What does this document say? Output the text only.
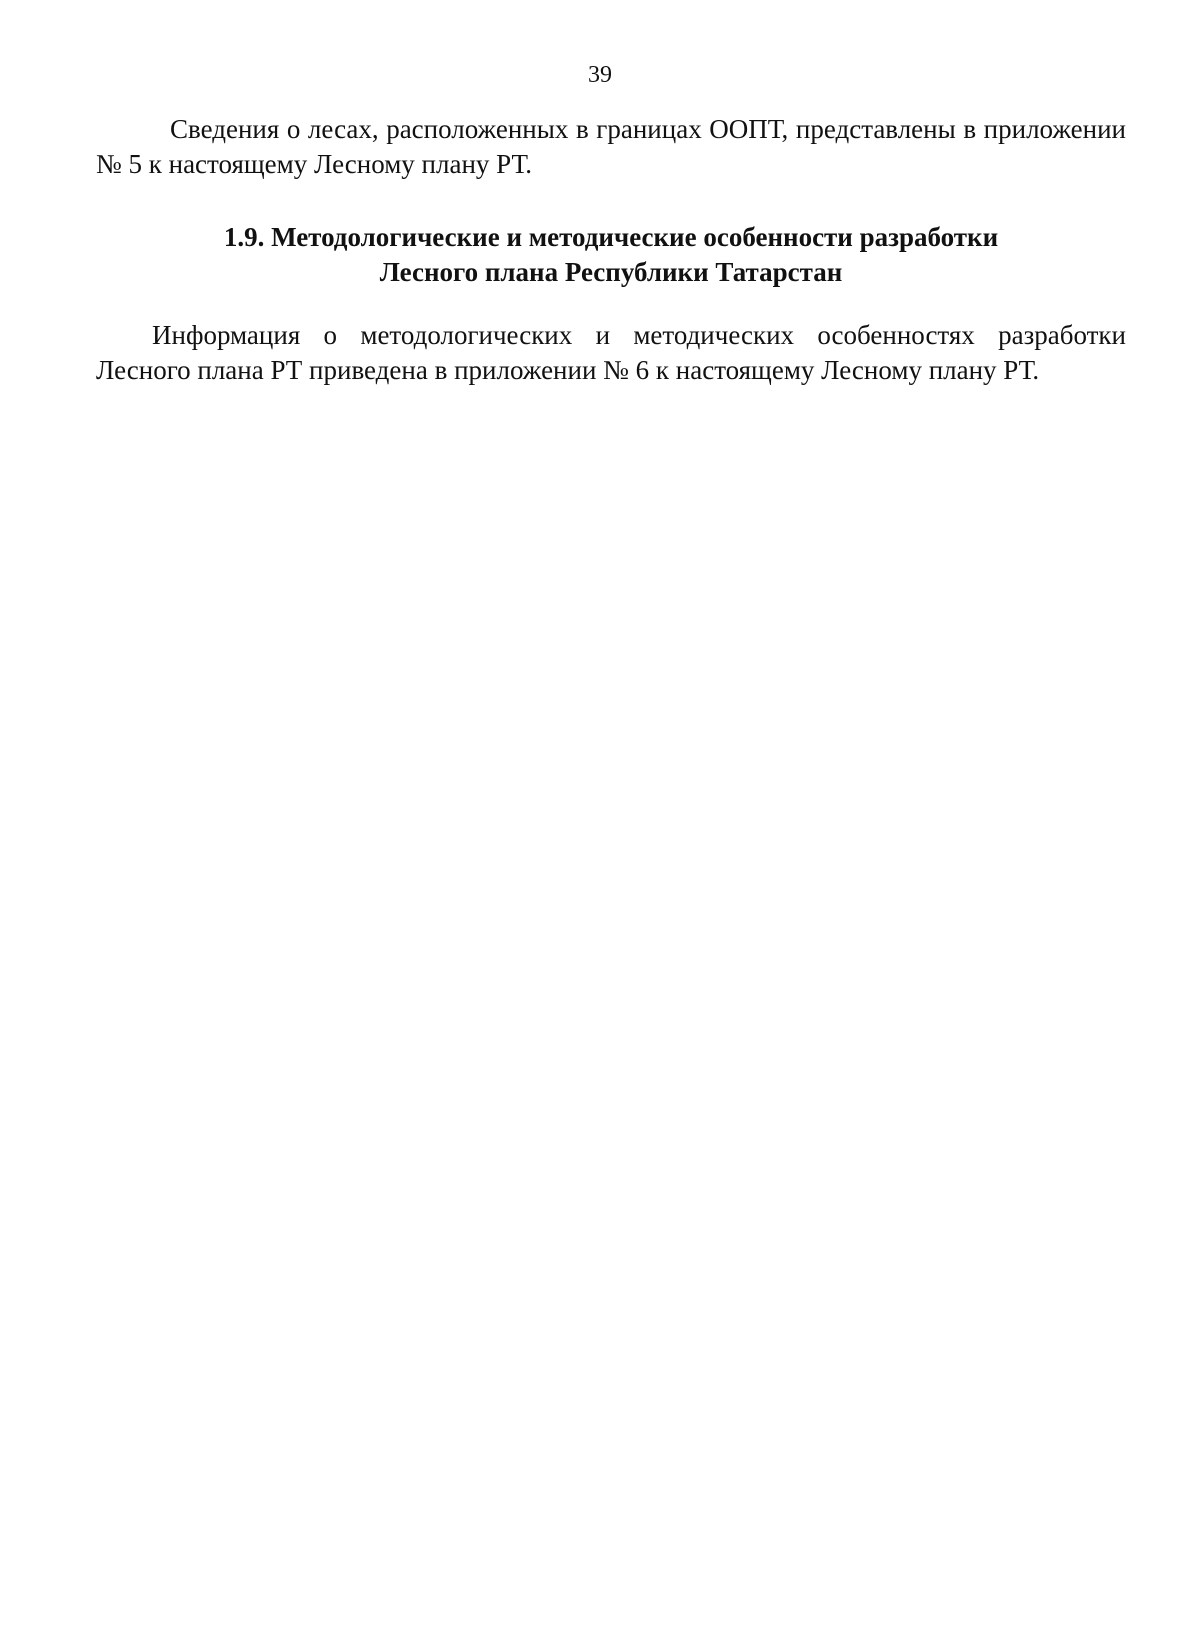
39

Сведения о лесах, расположенных в границах ООПТ, представлены в приложении № 5 к настоящему Лесному плану РТ.

1.9. Методологические и методические особенности разработки
Лесного плана Республики Татарстан

Информация о методологических и методических особенностях разработки Лесного плана РТ приведена в приложении № 6 к настоящему Лесному плану РТ.
